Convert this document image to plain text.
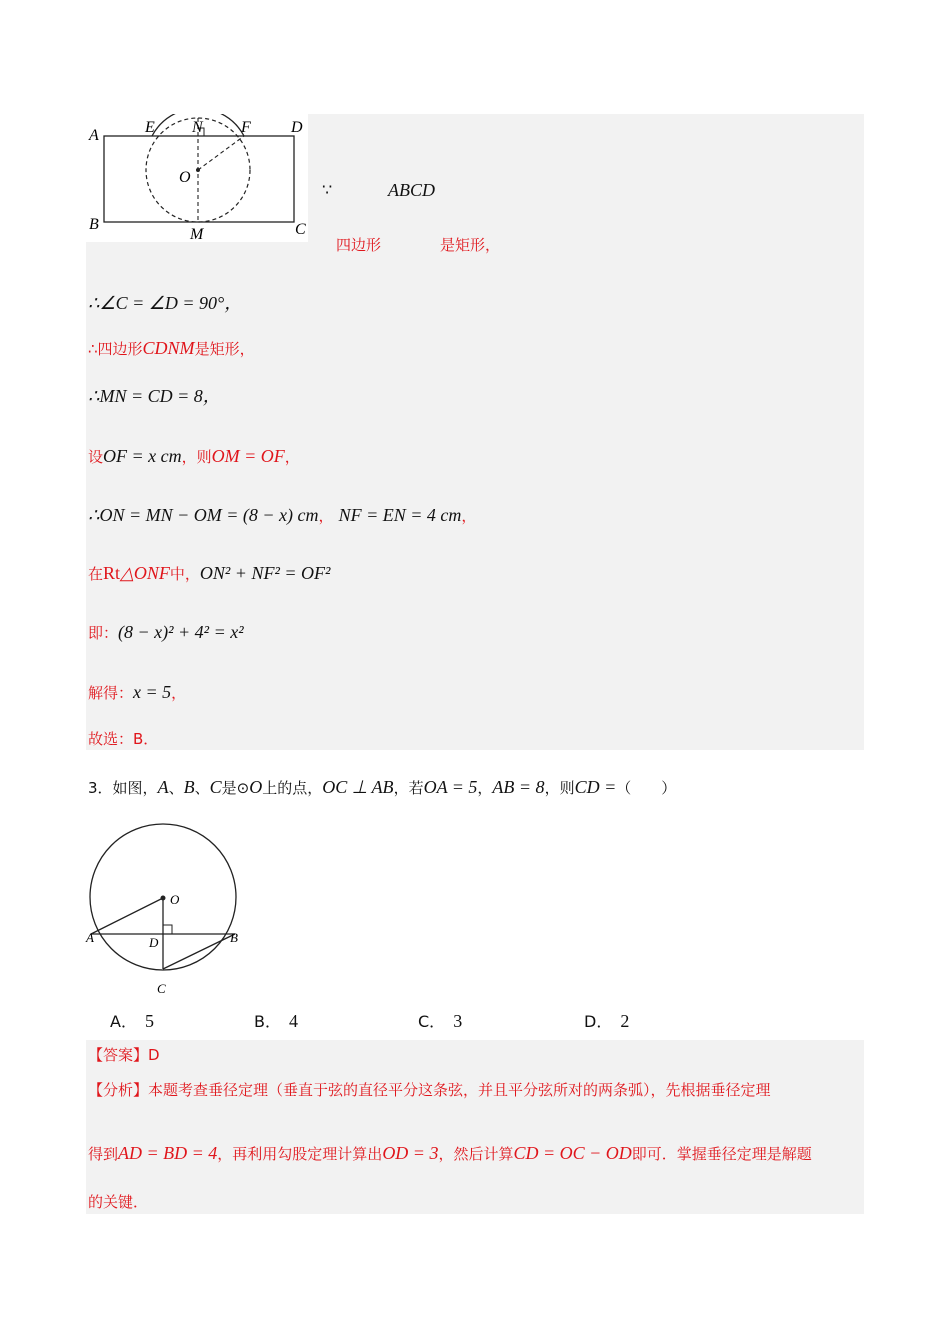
A	E N F	D
O
B
M	C
∵	ABCD
四边形	是矩形，
∴∠C = ∠D = 90°，
∴四边形CDNM是矩形，
∴MN = CD = 8，
设OF = x cm，则OM = OF，
∴ON = MN − OM = (8 − x) cm， NF = EN = 4 cm，
在Rt△ONF中，ON² + NF² = OF²
即：(8 − x)² + 4² = x²
解得：x = 5，
故选：B．
3．如图，A、B、C是⊙O上的点，OC ⊥ AB，若OA = 5，AB = 8，则CD =（　　）
O
A	B
D
C
A． 5	B． 4	C． 3	D． 2
【答案】D
【分析】本题考查垂径定理（垂直于弦的直径平分这条弦，并且平分弦所对的两条弧），先根据垂径定理
得到AD = BD = 4，再利用勾股定理计算出OD = 3，然后计算CD = OC − OD即可．掌握垂径定理是解题
的关键．
